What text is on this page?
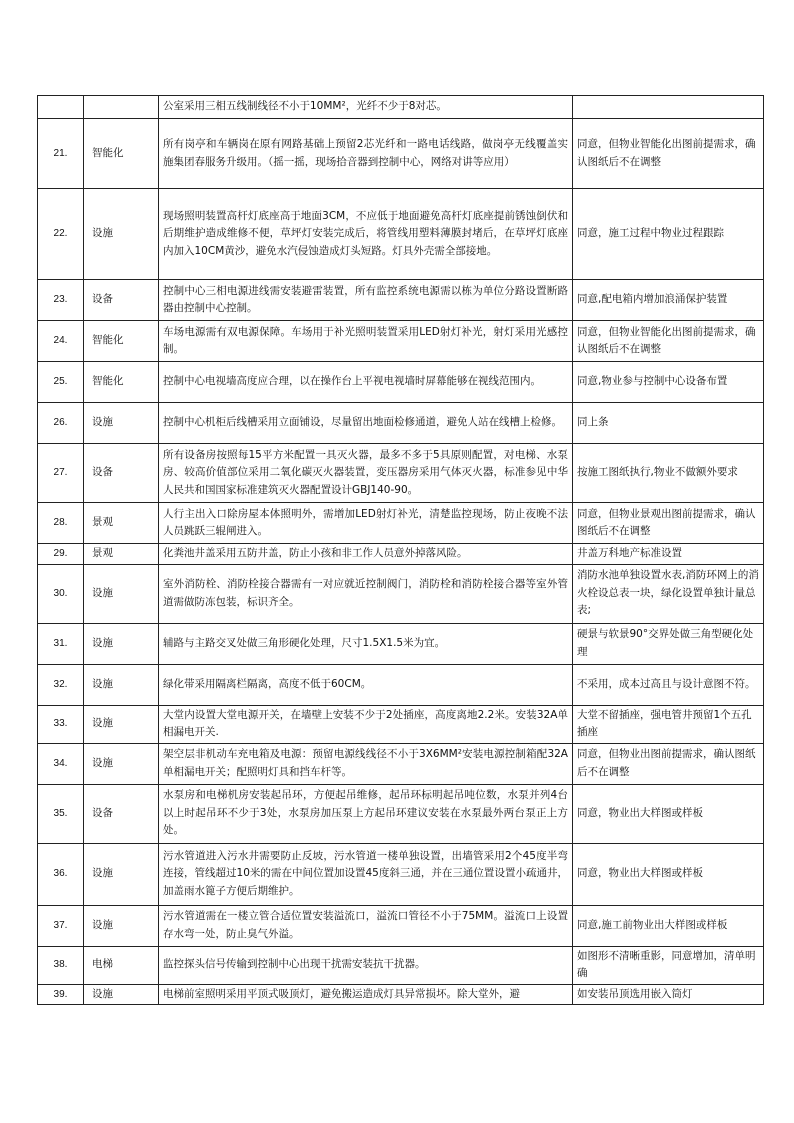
		公室采用三相五线制线径不小于10MM²，光纤不少于8对芯。	
21.	智能化	所有岗亭和车辆岗在原有网路基础上预留2芯光纤和一路电话线路，做岗亭无线覆盖实施集团春服务升级用。（摇一摇，现场拾音器到控制中心，网络对讲等应用）	同意，但物业智能化出图前提需求，确认图纸后不在调整
22.	设施	现场照明装置高杆灯底座高于地面3CM，不应低于地面避免高杆灯底座提前锈蚀倒伏和后期维护造成维修不便，草坪灯安装完成后，将管线用塑料薄膜封堵后，在草坪灯底座内加入10CM黄沙，避免水汽侵蚀造成灯头短路。灯具外壳需全部接地。	同意，施工过程中物业过程跟踪
23.	设备	控制中心三相电源进线需安装避雷装置，所有监控系统电源需以栋为单位分路设置断路器由控制中心控制。	同意,配电箱内增加浪涌保护装置
24.	智能化	车场电源需有双电源保障。车场用于补光照明装置采用LED射灯补光，射灯采用光感控制。	同意，但物业智能化出图前提需求，确认图纸后不在调整
25.	智能化	控制中心电视墙高度应合理，以在操作台上平视电视墙时屏幕能够在视线范围内。	同意,物业参与控制中心设备布置
26.	设施	控制中心机柜后线槽采用立面铺设，尽量留出地面检修通道，避免人站在线槽上检修。	同上条
27.	设备	所有设备房按照每15平方米配置一具灭火器，最多不多于5具原则配置，对电梯、水泵房、较高价值部位采用二氧化碳灭火器装置，变压器房采用气体灭火器，标准参见中华人民共和国国家标准建筑灭火器配置设计GBJ140-90。	按施工图纸执行,物业不做额外要求
28.	景观	人行主出入口除房屋本体照明外，需增加LED射灯补光，清楚监控现场，防止夜晚不法人员跳跃三辊闸进入。	同意，但物业景观出图前提需求，确认图纸后不在调整
29.	景观	化粪池井盖采用五防井盖，防止小孩和非工作人员意外掉落风险。	井盖万科地产标准设置
30.	设施	室外消防栓、消防栓接合器需有一对应就近控制阀门，消防栓和消防栓接合器等室外管道需做防冻包装，标识齐全。	消防水池单独设置水表,消防环网上的消火栓设总表一块，绿化设置单独计量总表;
31.	设施	辅路与主路交叉处做三角形硬化处理，尺寸1.5X1.5米为宜。	硬景与软景90°交界处做三角型硬化处理
32.	设施	绿化带采用隔离栏隔离，高度不低于60CM。	不采用，成本过高且与设计意图不符。
33.	设施	大堂内设置大堂电源开关，在墙壁上安装不少于2处插座，高度离地2.2米。安装32A单相漏电开关.	大堂不留插座，强电管井预留1个五孔插座
34.	设施	架空层非机动车充电箱及电源：预留电源线线径不小于3X6MM²安装电源控制箱配32A单相漏电开关；配照明灯具和挡车杆等。	同意，但物业出图前提需求，确认图纸后不在调整
35.	设备	水泵房和电梯机房安装起吊环，方便起吊维修，起吊环标明起吊吨位数，水泵并列4台以上时起吊环不少于3处，水泵房加压泵上方起吊环建议安装在水泵最外两台泵正上方处。	同意，物业出大样图或样板
36.	设施	污水管道进入污水井需要防止反坡，污水管道一楼单独设置，出墙管采用2个45度半弯连接，管线超过10米的需在中间位置加设置45度斜三通，并在三通位置设置小疏通井，加盖雨水篦子方便后期维护。	同意，物业出大样图或样板
37.	设施	污水管道需在一楼立管合适位置安装溢流口，溢流口管径不小于75MM。溢流口上设置存水弯一处，防止臭气外溢。	同意,施工前物业出大样图或样板
38.	电梯	监控探头信号传输到控制中心出现干扰需安装抗干扰器。	如图形不清晰重影，同意增加，清单明确
39.	设施	电梯前室照明采用平顶式吸顶灯，避免搬运造成灯具异常损坏。除大堂外，避	如安装吊顶选用嵌入筒灯
